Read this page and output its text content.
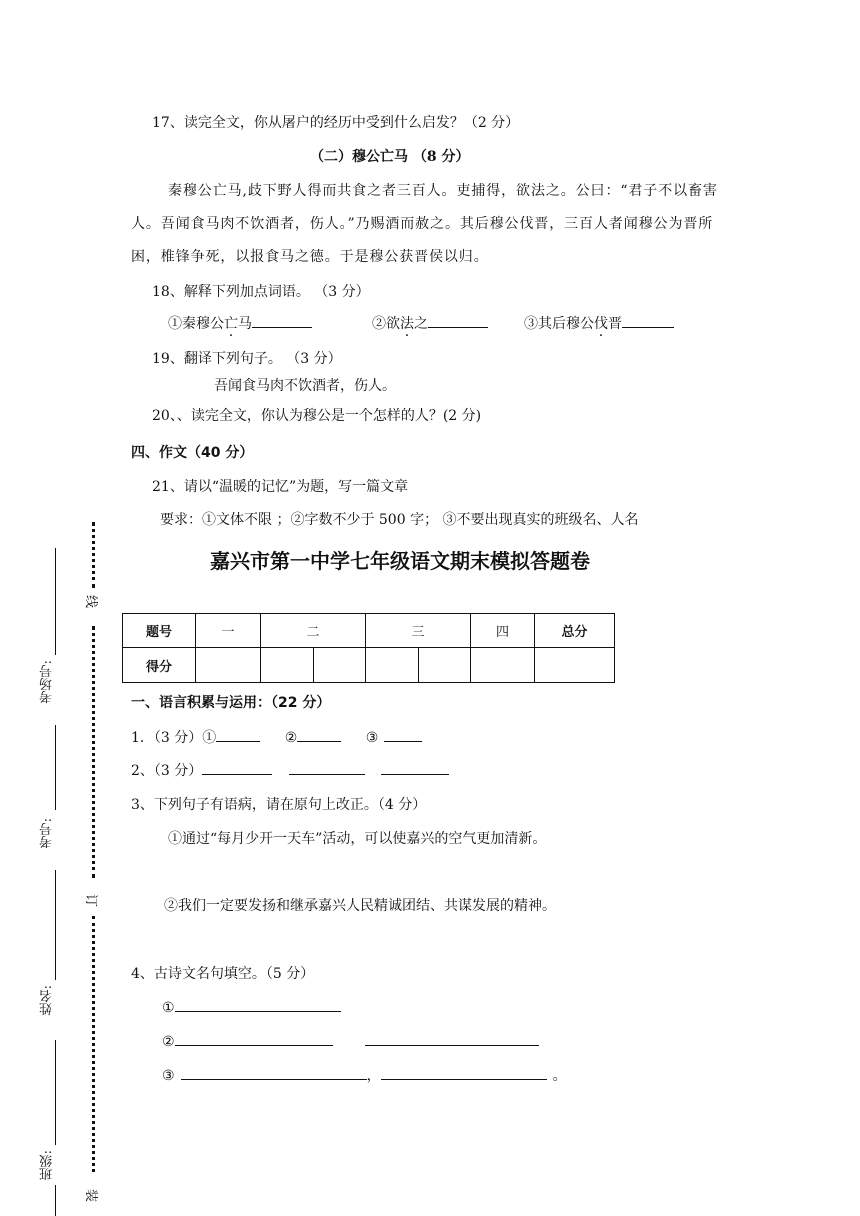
17、读完全文，你从屠户的经历中受到什么启发？（2 分）
（二）穆公亡马 （8 分）
秦穆公亡马,歧下野人得而共食之者三百人。吏捕得，欲法之。公曰：“君子不以畜害
人。吾闻食马肉不饮酒者，伤人。”乃赐酒而赦之。其后穆公伐晋，三百人者闻穆公为晋所
困，椎锋争死，以报食马之德。于是穆公获晋侯以归。
18、解释下列加点词语。 （3 分）
①秦穆公亡马	②欲法之	③其后穆公伐晋
19、翻译下列句子。 （3 分）
吾闻食马肉不饮酒者，伤人。
20、、读完全文，你认为穆公是一个怎样的人？(2 分)
四、作文（40 分）
21、请以“温暖的记忆”为题，写一篇文章
要求：①文体不限 ；②字数不少于 500 字； ③不要出现真实的班级名、人名
嘉兴市第一中学七年级语文期末模拟答题卷
题号	一	二		三		四	总分
得分							
一、语言积累与运用：（22 分）
1．（3 分）①	②	③
2、（3 分）
3、下列句子有语病，请在原句上改正。（4 分）
①通过“每月少开一天车”活动，可以使嘉兴的空气更加清新。
②我们一定要发扬和继承嘉兴人民精诚团结、共谋发展的精神。
4、古诗文名句填空。（5 分）
①
②
③	，	。
线
订
装
考场号:
考号:
姓名:
班级:
